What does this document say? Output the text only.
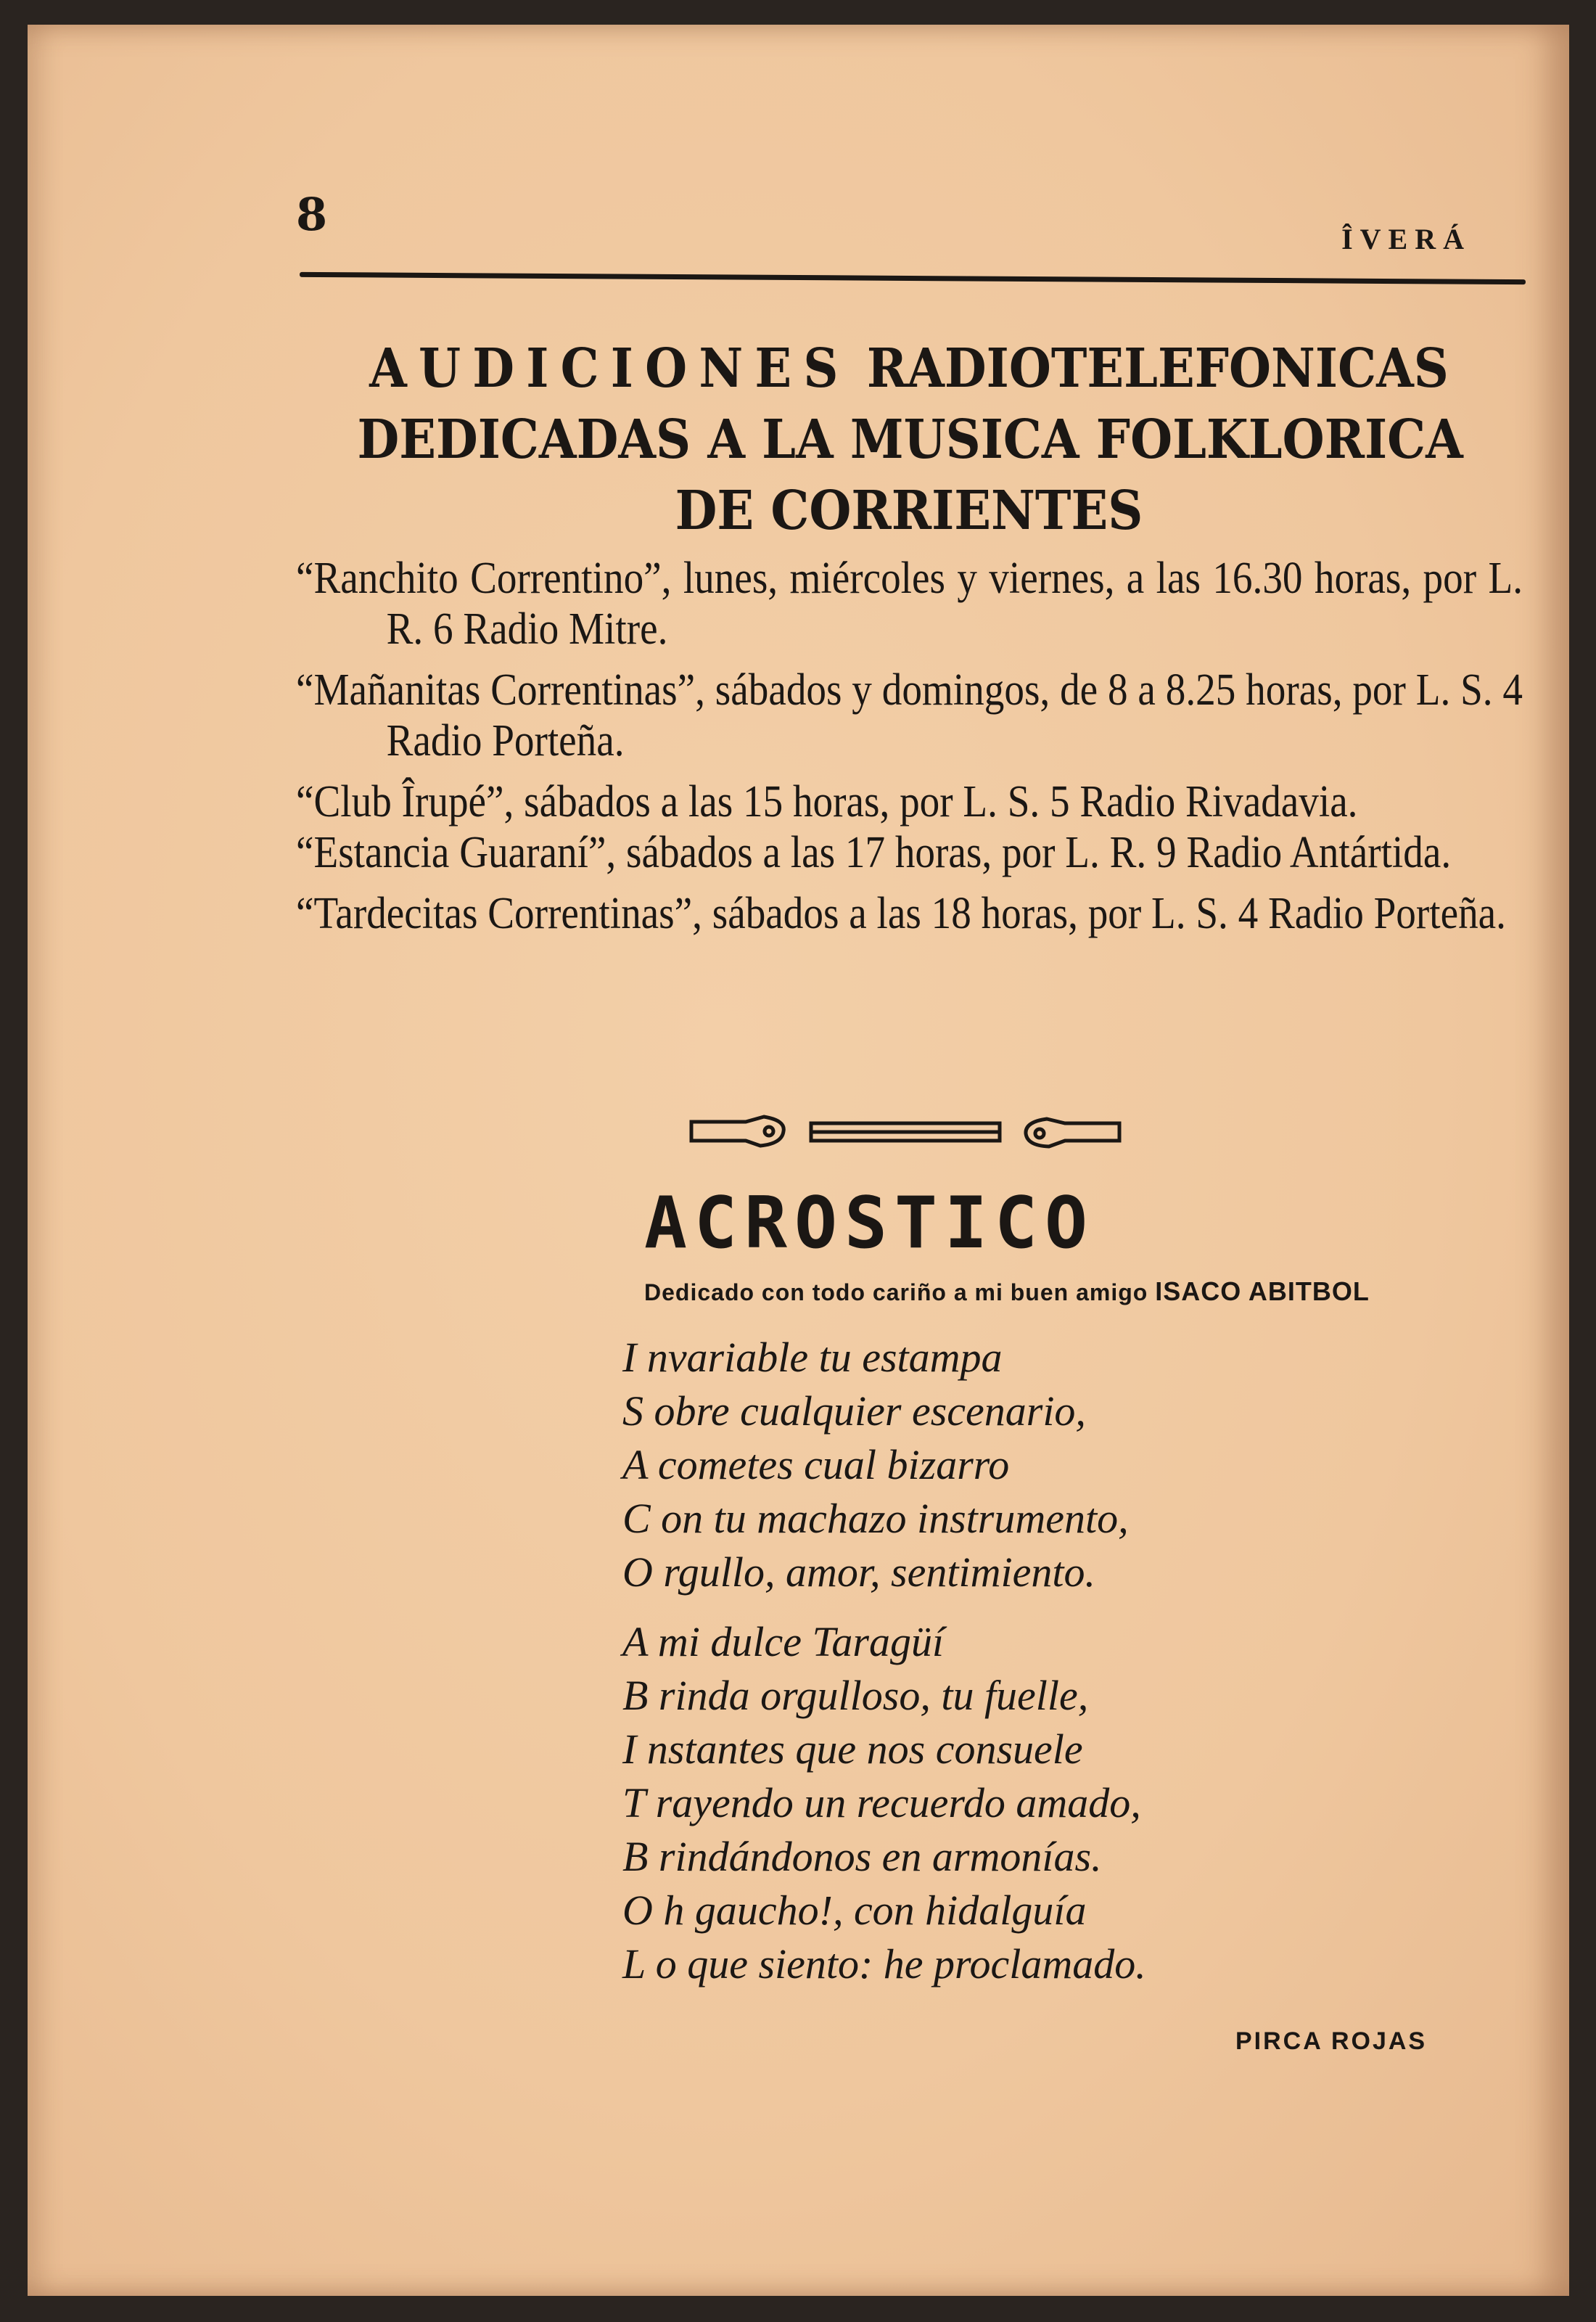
8	ÎVERÁ
AUDICIONES RADIOTELEFONICAS
DEDICADAS A LA MUSICA FOLKLORICA
DE CORRIENTES
“Ranchito Correntino”, lunes, miércoles y viernes, a las 16.30 horas, por L. R. 6 Radio Mitre.
“Mañanitas Correntinas”, sábados y domingos, de 8 a 8.25 horas, por L. S. 4 Radio Porteña.
“Club Îrupé”, sábados a las 15 horas, por L. S. 5 Radio Rivadavia.
“Estancia Guaraní”, sábados a las 17 horas, por L. R. 9 Radio Antártida.
“Tardecitas Correntinas”, sábados a las 18 horas, por L. S. 4 Radio Porteña.
ACROSTICO
Dedicado con todo cariño a mi buen amigo ISACO ABITBOL
I nvariable tu estampa
S obre cualquier escenario,
A cometes cual bizarro
C on tu machazo instrumento,
O rgullo, amor, sentimiento.
A mi dulce Taragüí
B rinda orgulloso, tu fuelle,
I nstantes que nos consuele
T rayendo un recuerdo amado,
B rindándonos en armonías.
O h gaucho!, con hidalguía
L o que siento: he proclamado.
PIRCA ROJAS
